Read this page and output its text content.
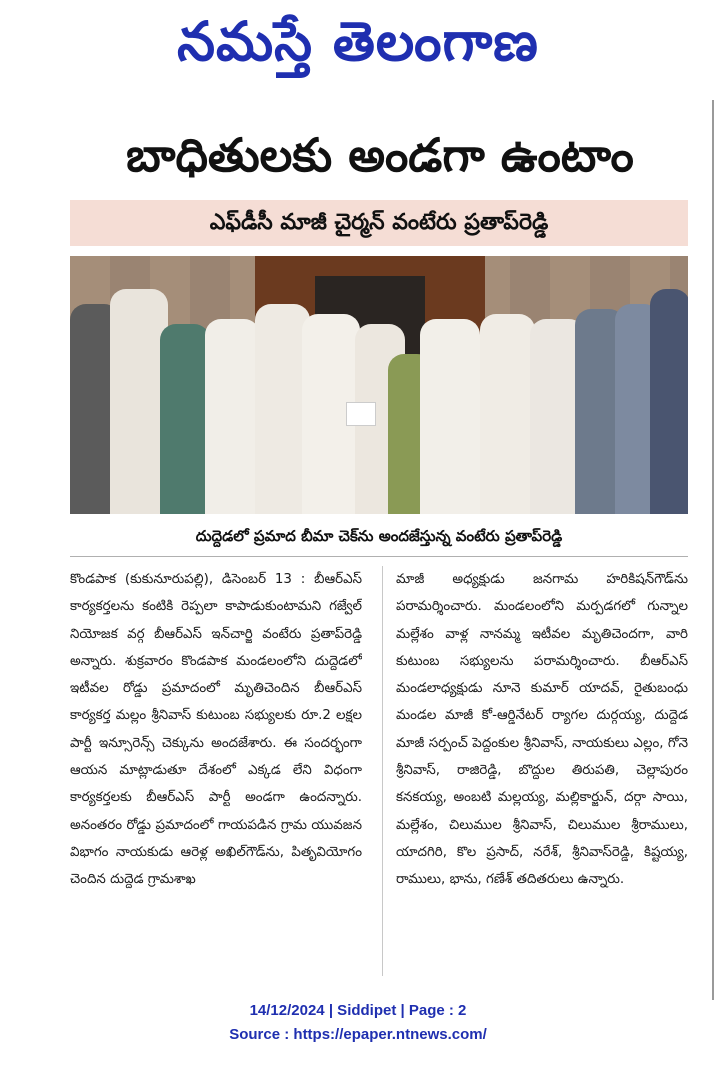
నమస్తే తెలంగాణ
బాధితులకు అండగా ఉంటాం
ఎఫ్‌డీసీ మాజీ చైర్మన్ వంటేరు ప్రతాప్‌రెడ్డి
దుద్దెడలో ప్రమాద బీమా చెక్‌ను అందజేస్తున్న వంటేరు ప్రతాప్‌రెడ్డి
కొండపాక (కుకునూరుపల్లి), డిసెంబర్ 13 : బీఆర్‌ఎస్ కార్యకర్తలను కంటికి రెప్పలా కాపాడుకుంటామని గజ్వేల్ నియోజక వర్గ బీఆర్‌ఎస్ ఇన్‌చార్జి వంటేరు ప్రతాప్‌రెడ్డి అన్నారు. శుక్రవారం కొండపాక మండలంలోని దుద్దెడలో ఇటీవల రోడ్డు ప్రమాదంలో మృతిచెందిన బీఆర్‌ఎస్ కార్యకర్త మల్లం శ్రీనివాస్ కుటుంబ సభ్యులకు రూ.2 లక్షల పార్టీ ఇన్సూరెన్స్ చెక్కును అందజేశారు. ఈ సందర్భంగా ఆయన మాట్లాడుతూ దేశంలో ఎక్కడ లేని విధంగా కార్యకర్తలకు బీఆర్‌ఎస్ పార్టీ అండగా ఉందన్నారు. అనంతరం రోడ్డు ప్రమాదంలో గాయపడిన గ్రామ యువజన విభాగం నాయకుడు ఆరెళ్ల అఖిల్‌గౌడ్‌ను, పితృవియోగం చెందిన దుద్దెడ గ్రామశాఖ
మాజీ అధ్యక్షుడు జనగామ హరికిషన్‌గౌడ్‌ను పరామర్శించారు. మండలంలోని మర్పడగలో గున్నాల మల్లేశం వాళ్ల నానమ్మ ఇటీవల మృతిచెందగా, వారి కుటుంబ సభ్యులను పరామర్శించారు. బీఆర్‌ఎస్ మండలాధ్యక్షుడు నూనె కుమార్ యాదవ్, రైతుబంధు మండల మాజీ కో-ఆర్డినేటర్ ర్యాగల దుర్గయ్య, దుద్దెడ మాజీ సర్పంచ్ పెద్దంకుల శ్రీనివాస్, నాయకులు ఎల్లం, గోనె శ్రీనివాస్, రాజిరెడ్డి, బొద్దుల తిరుపతి, చెల్లాపురం కనకయ్య, అంబటి మల్లయ్య, మల్లికార్జున్, దర్గా సాయి, మల్లేశం, చిలుముల శ్రీనివాస్, చిలుముల శ్రీరాములు, యాదగిరి, కొల ప్రసాద్, నరేశ్, శ్రీనివాస్‌రెడ్డి, కిష్టయ్య, రాములు, భాను, గణేశ్ తదితరులు ఉన్నారు.
14/12/2024 | Siddipet | Page : 2
Source : https://epaper.ntnews.com/
